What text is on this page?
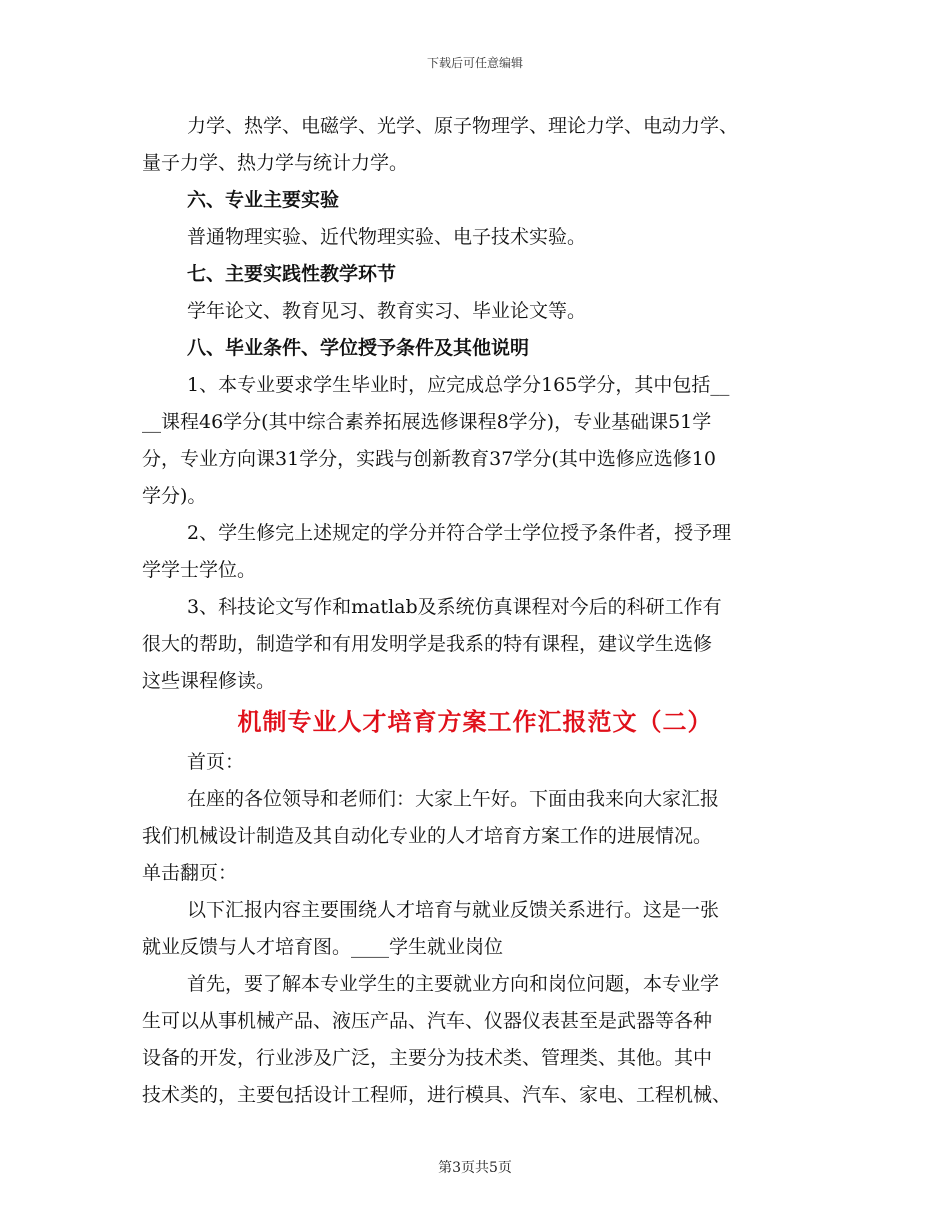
下载后可任意编辑
力学、热学、电磁学、光学、原子物理学、理论力学、电动力学、
量子力学、热力学与统计力学。
六、专业主要实验
普通物理实验、近代物理实验、电子技术实验。
七、主要实践性教学环节
学年论文、教育见习、教育实习、毕业论文等。
八、毕业条件、学位授予条件及其他说明
1、本专业要求学生毕业时，应完成总学分165学分，其中包括__
__课程46学分(其中综合素养拓展选修课程8学分)，专业基础课51学
分，专业方向课31学分，实践与创新教育37学分(其中选修应选修10
学分)。
2、学生修完上述规定的学分并符合学士学位授予条件者，授予理
学学士学位。
3、科技论文写作和matlab及系统仿真课程对今后的科研工作有
很大的帮助，制造学和有用发明学是我系的特有课程，建议学生选修
这些课程修读。
机制专业人才培育方案工作汇报范文（二）
首页：
在座的各位领导和老师们：大家上午好。下面由我来向大家汇报
我们机械设计制造及其自动化专业的人才培育方案工作的进展情况。
单击翻页：
以下汇报内容主要围绕人才培育与就业反馈关系进行。这是一张
就业反馈与人才培育图。____学生就业岗位
首先，要了解本专业学生的主要就业方向和岗位问题，本专业学
生可以从事机械产品、液压产品、汽车、仪器仪表甚至是武器等各种
设备的开发，行业涉及广泛，主要分为技术类、管理类、其他。其中
技术类的，主要包括设计工程师，进行模具、汽车、家电、工程机械、
第3页共5页
